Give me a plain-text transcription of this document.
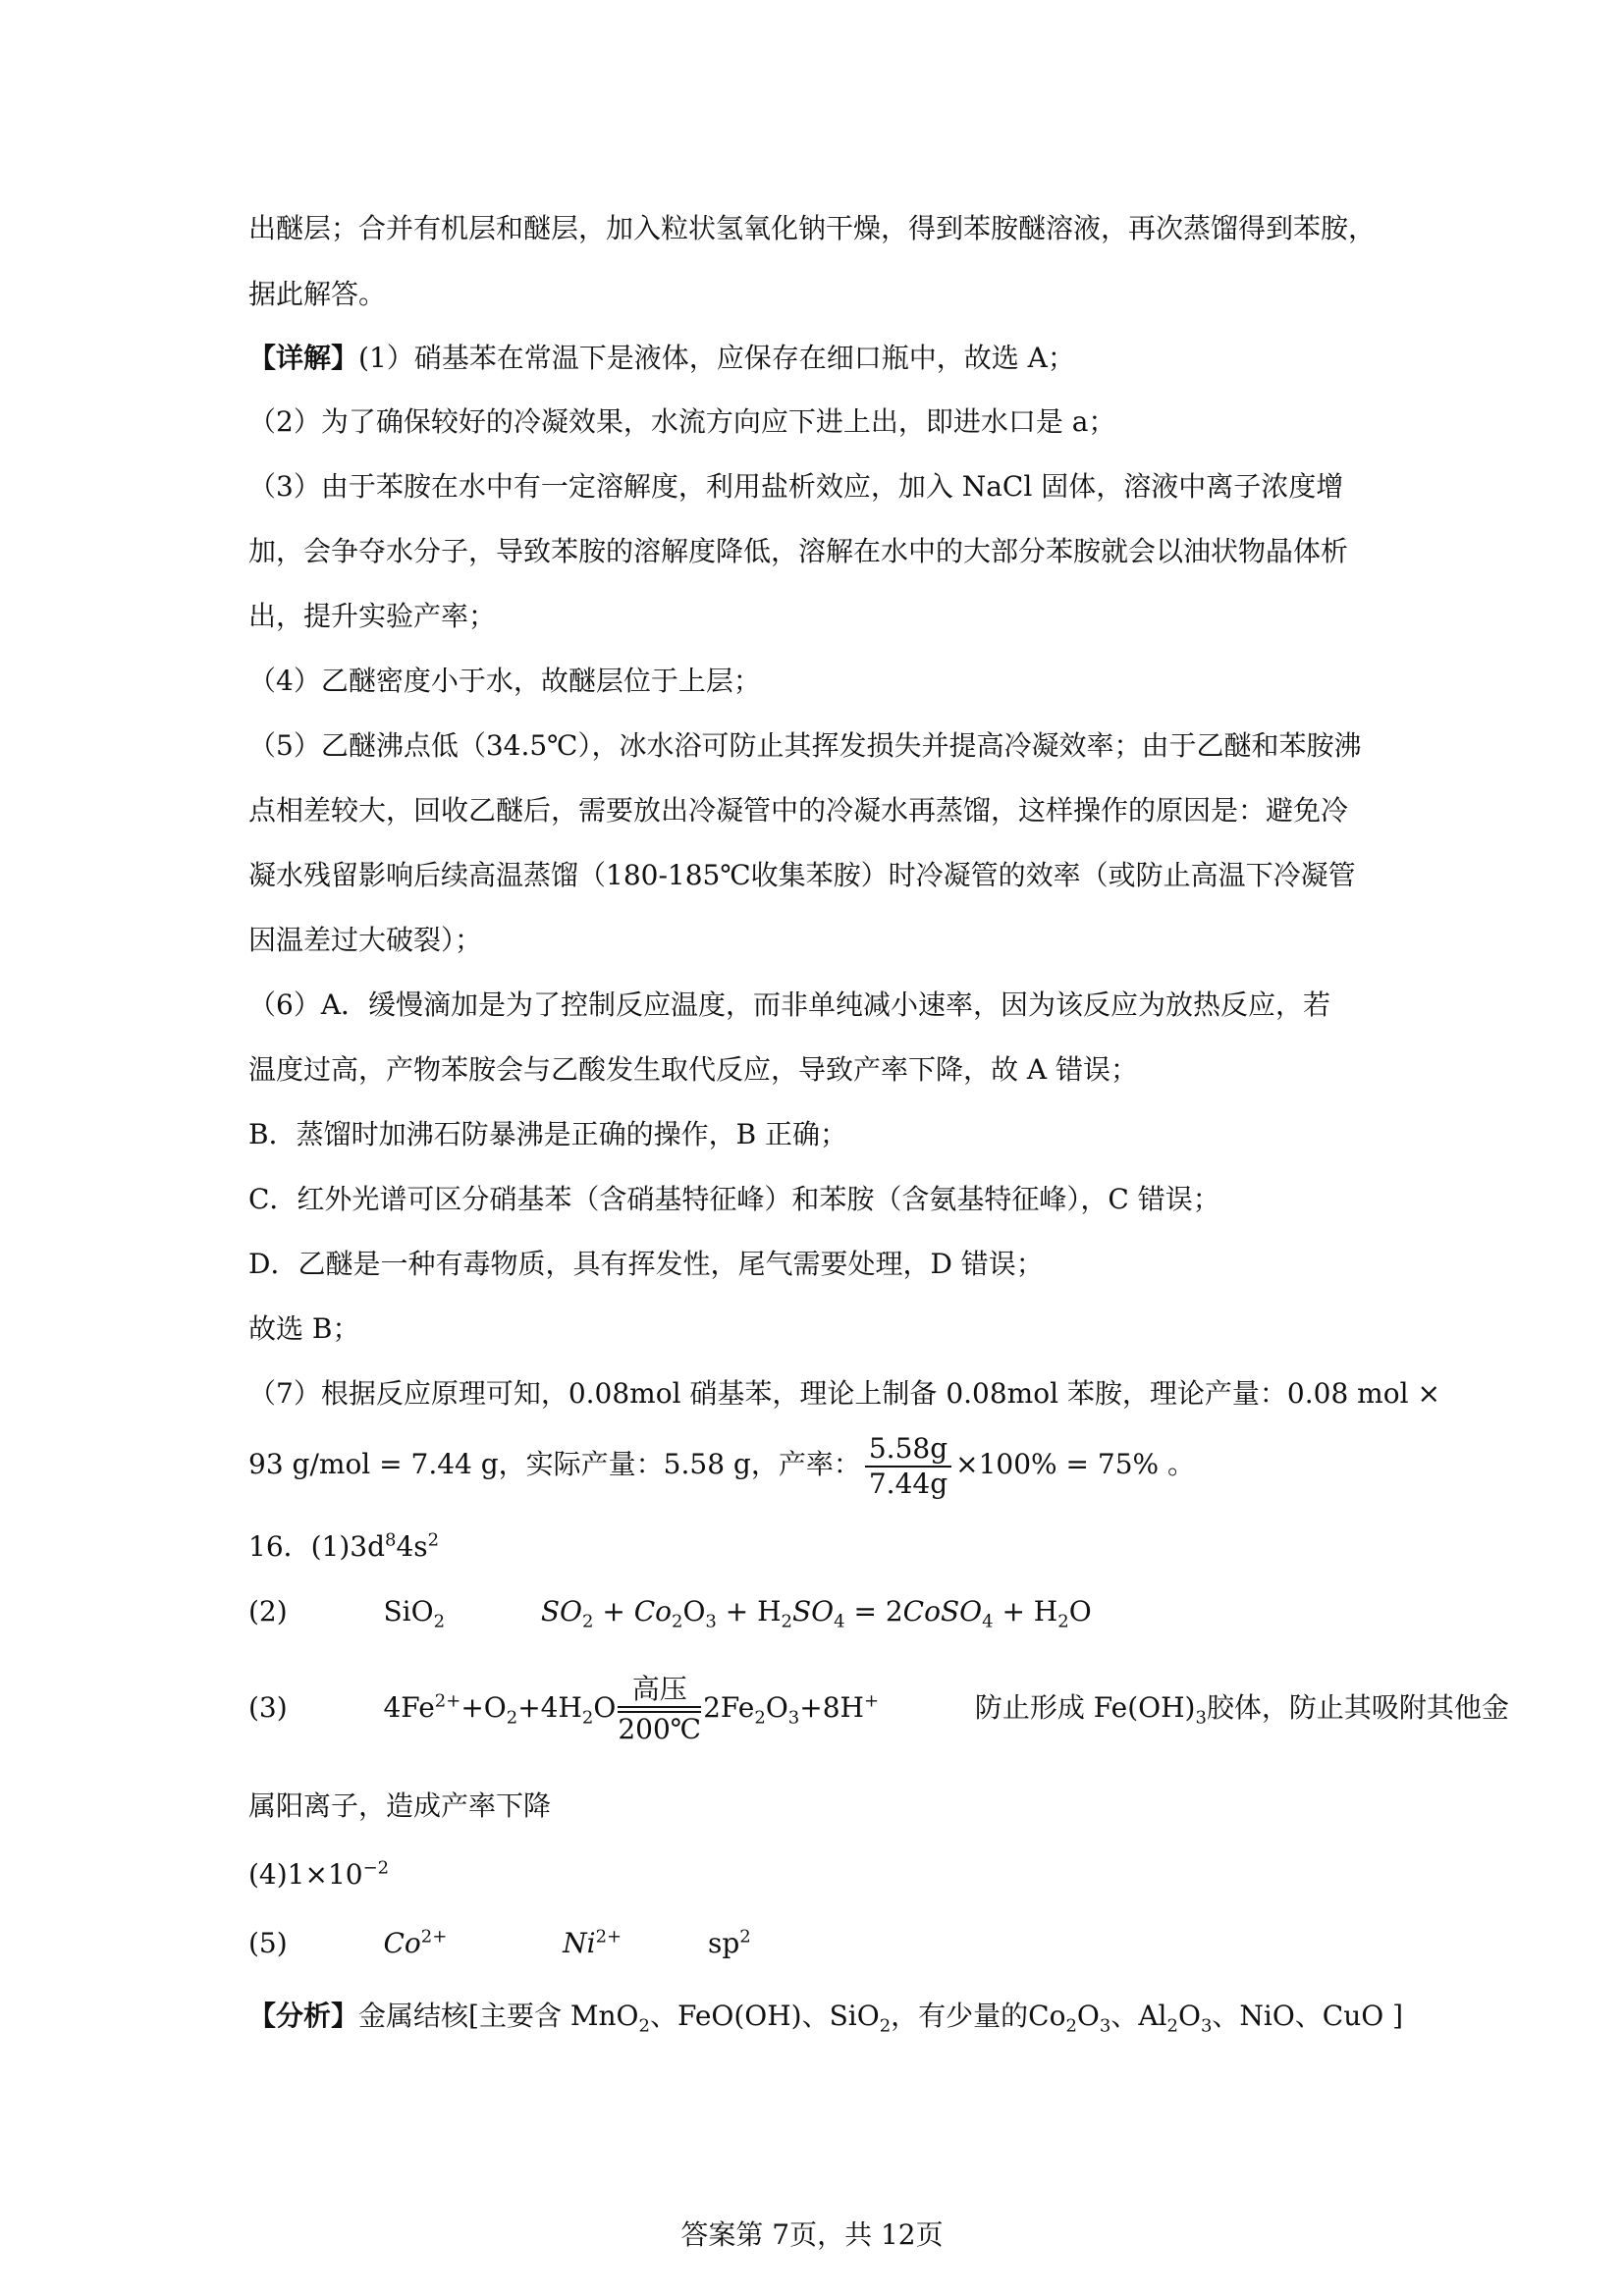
出醚层；合并有机层和醚层，加入粒状氢氧化钠干燥，得到苯胺醚溶液，再次蒸馏得到苯胺，
据此解答。
【详解】(1）硝基苯在常温下是液体，应保存在细口瓶中，故选 A；
（2）为了确保较好的冷凝效果，水流方向应下进上出，即进水口是 a；
（3）由于苯胺在水中有一定溶解度，利用盐析效应，加入 NaCl 固体，溶液中离子浓度增
加，会争夺水分子，导致苯胺的溶解度降低，溶解在水中的大部分苯胺就会以油状物晶体析
出，提升实验产率；
（4）乙醚密度小于水，故醚层位于上层；
（5）乙醚沸点低（34.5℃），冰水浴可防止其挥发损失并提高冷凝效率；由于乙醚和苯胺沸
点相差较大，回收乙醚后，需要放出冷凝管中的冷凝水再蒸馏，这样操作的原因是：避免冷
凝水残留影响后续高温蒸馏（180-185℃收集苯胺）时冷凝管的效率（或防止高温下冷凝管
因温差过大破裂）；
（6）A．缓慢滴加是为了控制反应温度，而非单纯减小速率，因为该反应为放热反应，若
温度过高，产物苯胺会与乙酸发生取代反应，导致产率下降，故 A 错误；
B．蒸馏时加沸石防暴沸是正确的操作，B 正确；
C．红外光谱可区分硝基苯（含硝基特征峰）和苯胺（含氨基特征峰），C 错误；
D．乙醚是一种有毒物质，具有挥发性，尾气需要处理，D 错误；
故选 B；
（7）根据反应原理可知，0.08mol 硝基苯，理论上制备 0.08mol 苯胺，理论产量：0.08 mol ×
93 g/mol = 7.44 g，实际产量：5.58 g，产率： $\frac{5.58g}{7.44g} \times 100\% = 75\%$ 。
16．$(1)3d^84s^2$
(2)	SiO$_2$	$SO_2 + Co_2O_3 + H_2SO_4$ = 2CoSO$_4$ + $H_2O$
(3)	$4Fe^{2+}+O_2+4H_2O$
高压
200℃
$2Fe_2O_3+8H^+$	防止形成 $Fe(OH)_3$胶体，防止其吸附其他金
属阳离子，造成产率下降
$(4)1\times 10^{-2}$
(5)	$Co^{2+}$	$Ni^{2+}$	$sp^2$
【分析】金属结核[主要含 MnO$_2$、FeO(OH)、SiO$_2$，有少量的$Co_2O_3$、$Al_2O_3$、NiO、CuO ]
答案第 7页，共 12页
